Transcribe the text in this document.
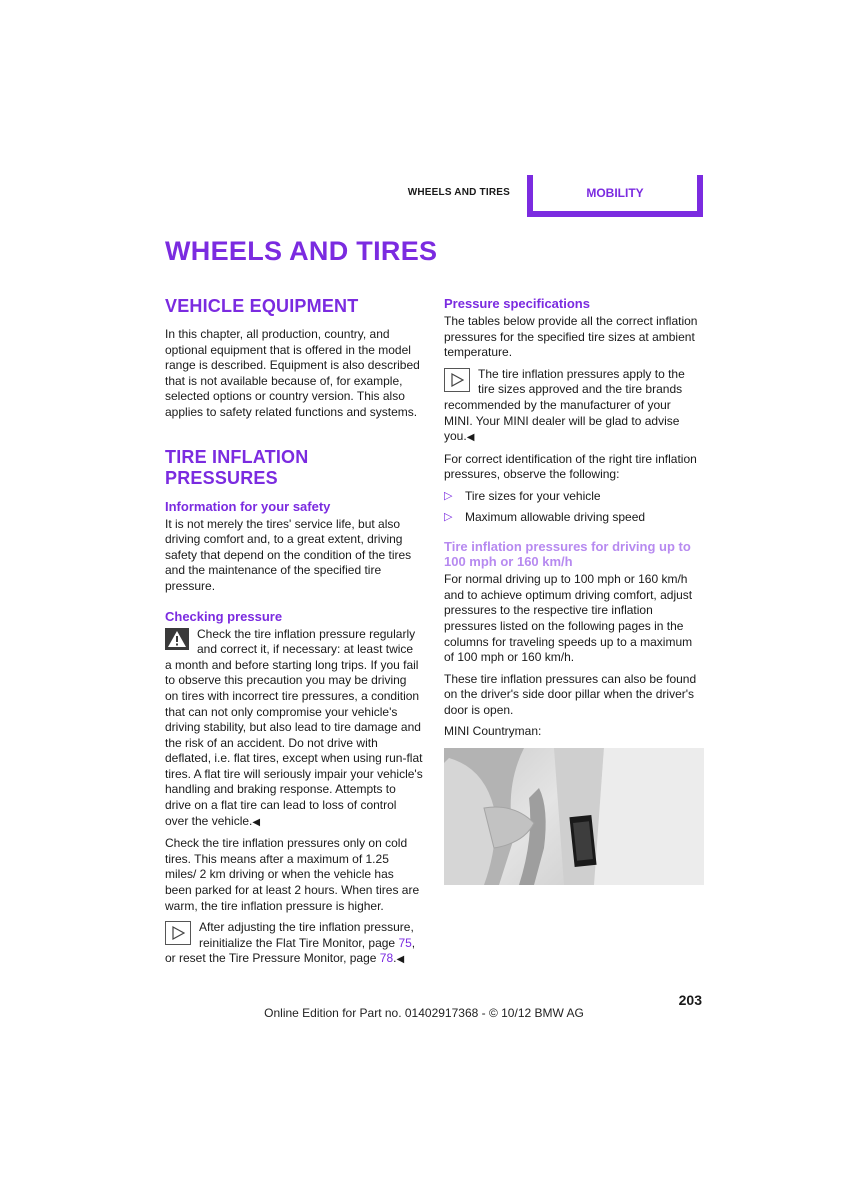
WHEELS AND TIRES	MOBILITY
WHEELS AND TIRES
VEHICLE EQUIPMENT

In this chapter, all production, country, and optional equipment that is offered in the model range is described. Equipment is also described that is not available because of, for example, selected options or country version. This also applies to safety related functions and systems.

TIRE INFLATION PRESSURES
Information for your safety

It is not merely the tires' service life, but also driving comfort and, to a great extent, driving safety that depend on the condition of the tires and the maintenance of the specified tire pressure.

Checking pressure

Check the tire inflation pressure regularly and correct it, if necessary: at least twice a month and before starting long trips. If you fail to observe this precaution you may be driving on tires with incorrect tire pressures, a condition that can not only compromise your vehicle's driving stability, but also lead to tire damage and the risk of an accident. Do not drive with deflated, i.e. flat tires, except when using run-flat tires. A flat tire will seriously impair your vehicle's handling and braking response. Attempts to drive on a flat tire can lead to loss of control over the vehicle.◀

Check the tire inflation pressures only on cold tires. This means after a maximum of 1.25 miles/ 2 km driving or when the vehicle has been parked for at least 2 hours. When tires are warm, the tire inflation pressure is higher.

After adjusting the tire inflation pressure, reinitialize the Flat Tire Monitor, page 75, or reset the Tire Pressure Monitor, page 78.◀

Pressure specifications

The tables below provide all the correct inflation pressures for the specified tire sizes at ambient temperature.

The tire inflation pressures apply to the tire sizes approved and the tire brands recommended by the manufacturer of your MINI. Your MINI dealer will be glad to advise you.◀

For correct identification of the right tire inflation pressures, observe the following:

▷	Tire sizes for your vehicle
▷	Maximum allowable driving speed
Tire inflation pressures for driving up to 100 mph or 160 km/h

For normal driving up to 100 mph or 160 km/h and to achieve optimum driving comfort, adjust pressures to the respective tire inflation pressures listed on the following pages in the columns for traveling speeds up to a maximum of 100 mph or 160 km/h.

These tire inflation pressures can also be found on the driver's side door pillar when the driver's door is open.

MINI Countryman:

203
Online Edition for Part no. 01402917368 - © 10/12 BMW AG
